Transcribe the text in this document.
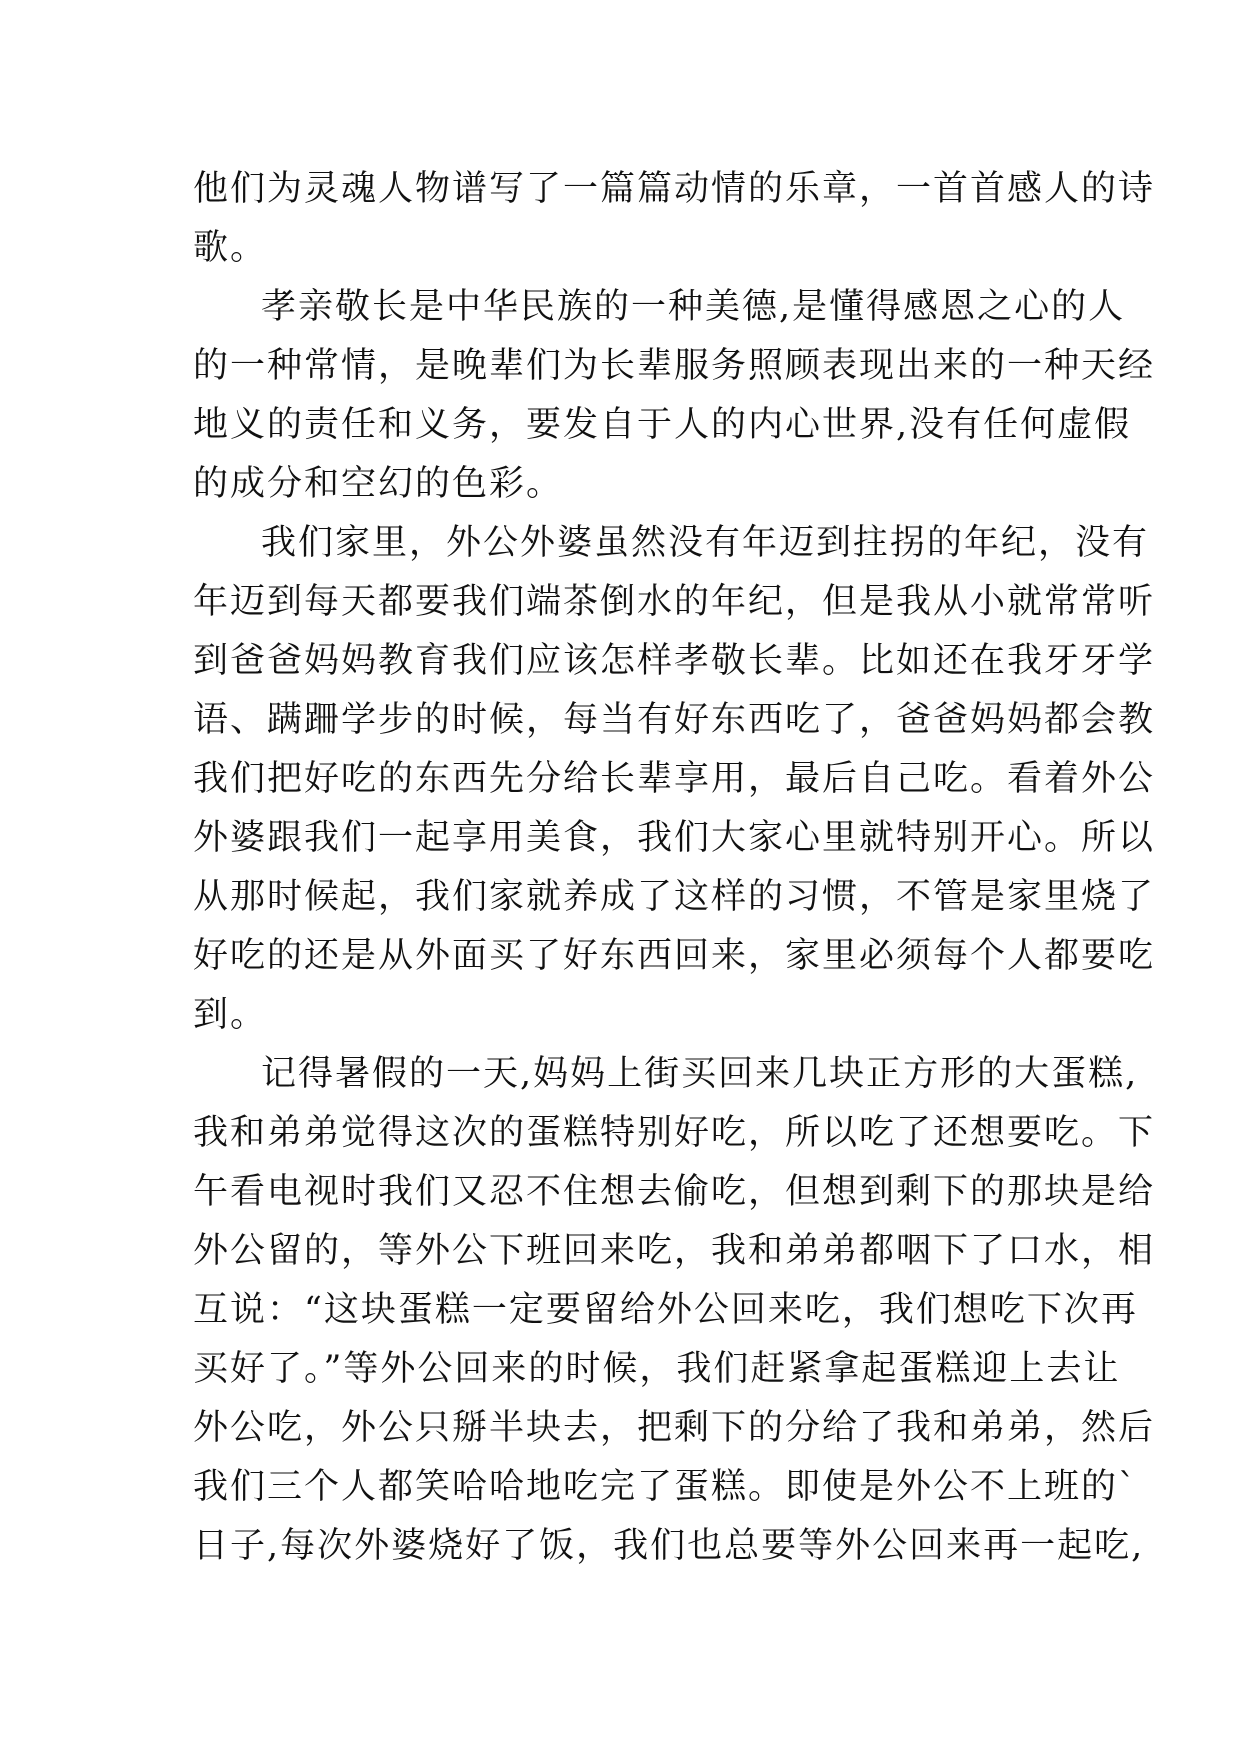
他们为灵魂人物谱写了一篇篇动情的乐章，一首首感人的诗
歌。
孝亲敬长是中华民族的一种美德,是懂得感恩之心的人
的一种常情，是晚辈们为长辈服务照顾表现出来的一种天经
地义的责任和义务，要发自于人的内心世界,没有任何虚假
的成分和空幻的色彩。
我们家里，外公外婆虽然没有年迈到拄拐的年纪，没有
年迈到每天都要我们端茶倒水的年纪，但是我从小就常常听
到爸爸妈妈教育我们应该怎样孝敬长辈。比如还在我牙牙学
语、蹒跚学步的时候，每当有好东西吃了，爸爸妈妈都会教
我们把好吃的东西先分给长辈享用，最后自己吃。看着外公
外婆跟我们一起享用美食，我们大家心里就特别开心。所以
从那时候起，我们家就养成了这样的习惯，不管是家里烧了
好吃的还是从外面买了好东西回来，家里必须每个人都要吃
到。
记得暑假的一天,妈妈上街买回来几块正方形的大蛋糕,
我和弟弟觉得这次的蛋糕特别好吃，所以吃了还想要吃。下
午看电视时我们又忍不住想去偷吃，但想到剩下的那块是给
外公留的，等外公下班回来吃，我和弟弟都咽下了口水，相
互说：“这块蛋糕一定要留给外公回来吃，我们想吃下次再
买好了。”等外公回来的时候，我们赶紧拿起蛋糕迎上去让
外公吃，外公只掰半块去，把剩下的分给了我和弟弟，然后
我们三个人都笑哈哈地吃完了蛋糕。即使是外公不上班的`
日子,每次外婆烧好了饭，我们也总要等外公回来再一起吃,
